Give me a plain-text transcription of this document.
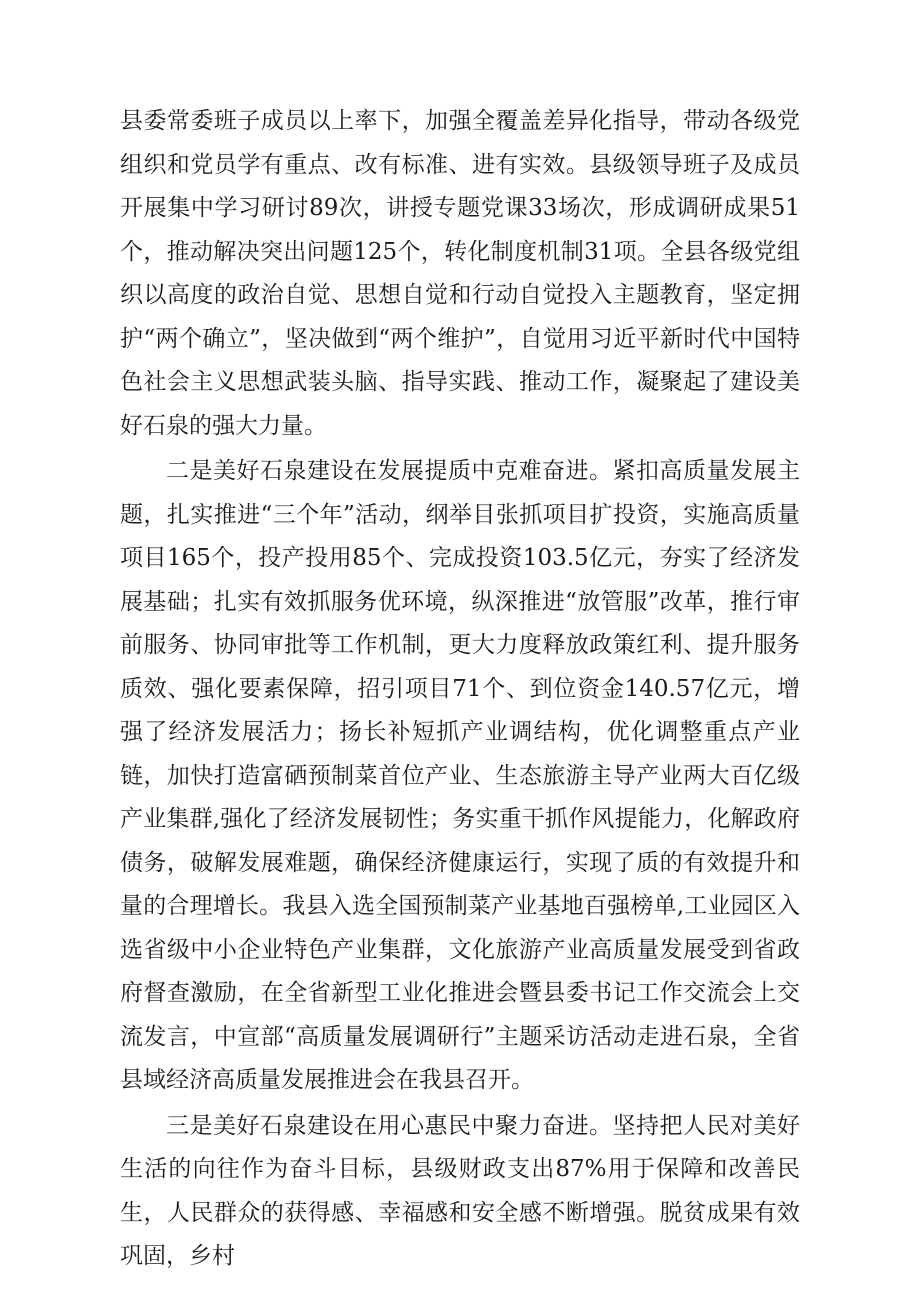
县委常委班子成员以上率下，加强全覆盖差异化指导，带动各级党组织和党员学有重点、改有标准、进有实效。县级领导班子及成员开展集中学习研讨89次，讲授专题党课33场次，形成调研成果51个，推动解决突出问题125个，转化制度机制31项。全县各级党组织以高度的政治自觉、思想自觉和行动自觉投入主题教育，坚定拥护“两个确立”，坚决做到“两个维护”，自觉用习近平新时代中国特色社会主义思想武装头脑、指导实践、推动工作，凝聚起了建设美好石泉的强大力量。

二是美好石泉建设在发展提质中克难奋进。紧扣高质量发展主题，扎实推进“三个年”活动，纲举目张抓项目扩投资，实施高质量项目165个，投产投用85个、完成投资103.5亿元，夯实了经济发展基础；扎实有效抓服务优环境，纵深推进“放管服”改革，推行审前服务、协同审批等工作机制，更大力度释放政策红利、提升服务质效、强化要素保障，招引项目71个、到位资金140.57亿元，增强了经济发展活力；扬长补短抓产业调结构，优化调整重点产业链，加快打造富硒预制菜首位产业、生态旅游主导产业两大百亿级产业集群,强化了经济发展韧性；务实重干抓作风提能力，化解政府债务，破解发展难题，确保经济健康运行，实现了质的有效提升和量的合理增长。我县入选全国预制菜产业基地百强榜单,工业园区入选省级中小企业特色产业集群，文化旅游产业高质量发展受到省政府督查激励，在全省新型工业化推进会暨县委书记工作交流会上交流发言，中宣部“高质量发展调研行”主题采访活动走进石泉，全省县域经济高质量发展推进会在我县召开。

三是美好石泉建设在用心惠民中聚力奋进。坚持把人民对美好生活的向往作为奋斗目标，县级财政支出87%用于保障和改善民生，人民群众的获得感、幸福感和安全感不断增强。脱贫成果有效巩固，乡村
